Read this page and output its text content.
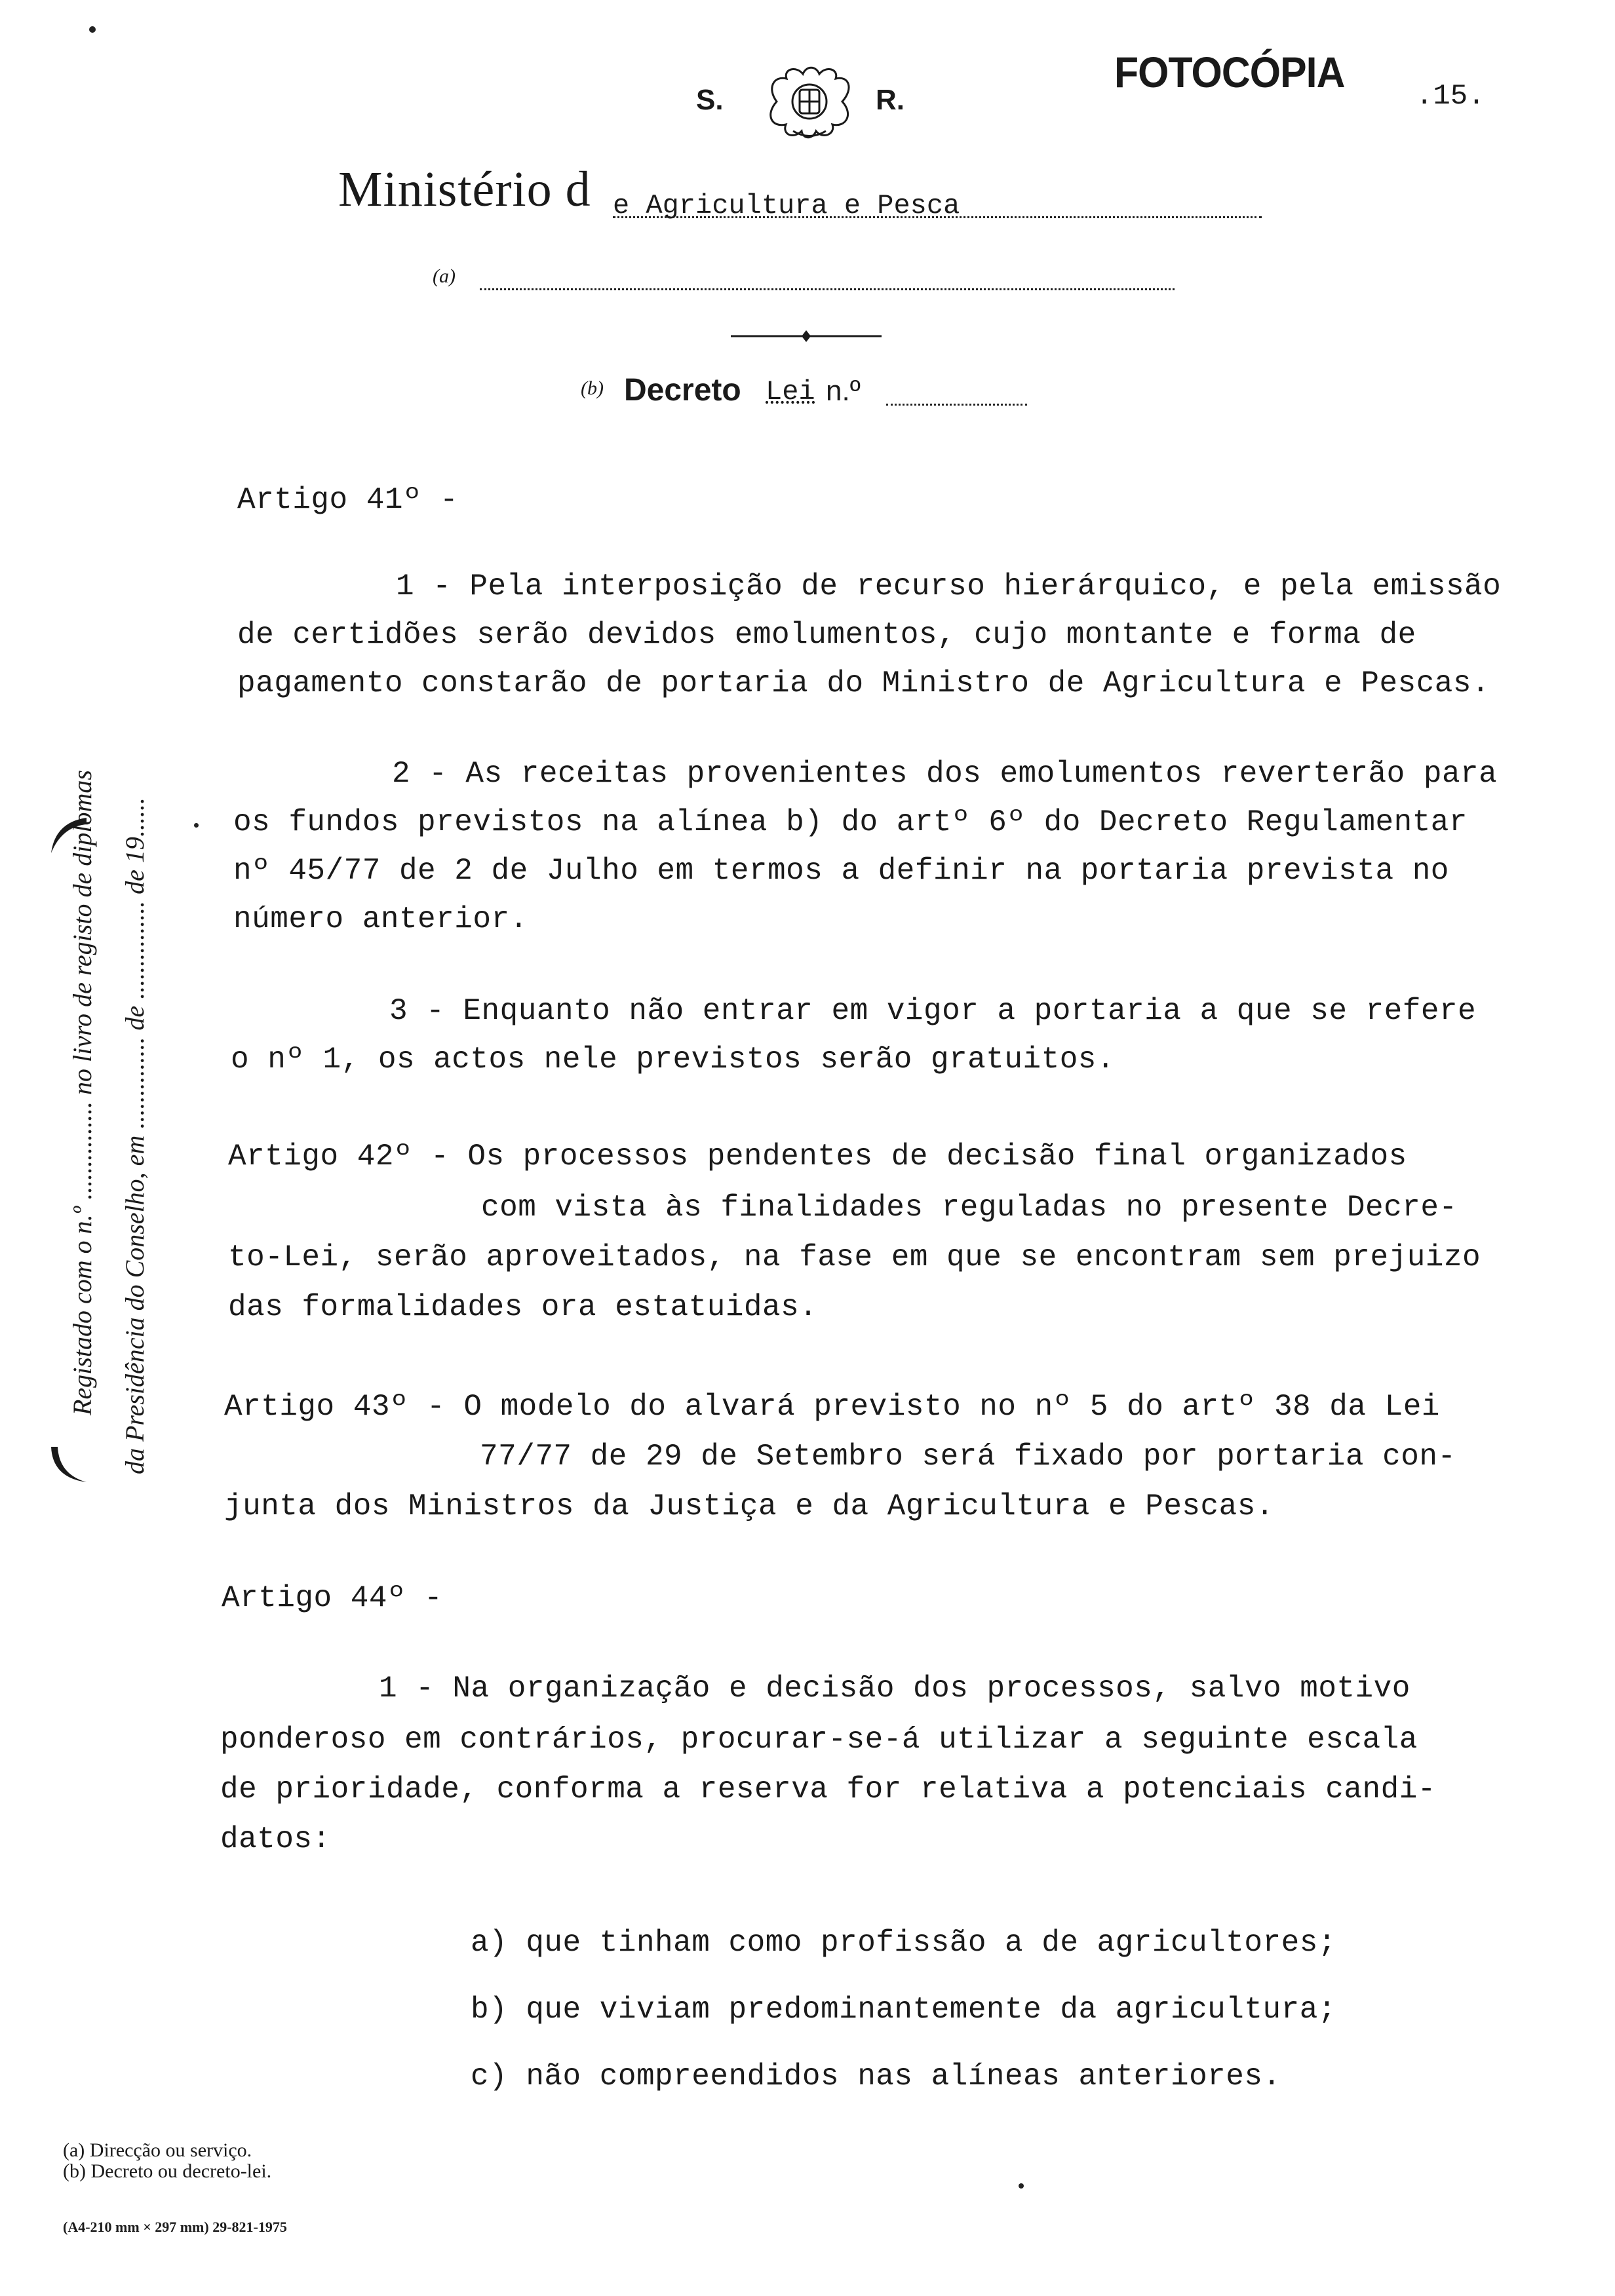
S.	R.
FOTOCÓPIA .15.
Ministério d e Agricultura e Pesca
(a)
(b) Decreto Lei n.º
Registado com o n.º ............... no livro de registo de diplomas da Presidência do Conselho, em .............. de ............... de 19......
Artigo 41º -
1 - Pela interposição de recurso hierárquico, e pela emissão
de certidões serão devidos emolumentos, cujo montante e forma de
pagamento constarão de portaria do Ministro de Agricultura e Pescas.
2 - As receitas provenientes dos emolumentos reverterão para
os fundos previstos na alínea b) do artº 6º do Decreto Regulamentar
nº 45/77 de 2 de Julho em termos a definir na portaria prevista no
número anterior.
3 - Enquanto não entrar em vigor a portaria a que se refere
o nº 1, os actos nele previstos serão gratuitos.
Artigo 42º - Os processos pendentes de decisão final organizados
com vista às finalidades reguladas no presente Decre-
to-Lei, serão aproveitados, na fase em que se encontram sem prejuizo
das formalidades ora estatuidas.
Artigo 43º - O modelo do alvará previsto no nº 5 do artº 38 da Lei
77/77 de 29 de Setembro será fixado por portaria con-
junta dos Ministros da Justiça e da Agricultura e Pescas.
Artigo 44º -
1 - Na organização e decisão dos processos, salvo motivo
ponderoso em contrários, procurar-se-á utilizar a seguinte escala
de prioridade, conforma a reserva for relativa a potenciais candi-
datos:
a) que tinham como profissão a de agricultores;
b) que viviam predominantemente da agricultura;
c) não compreendidos nas alíneas anteriores.
(a) Direcção ou serviço.
(b) Decreto ou decreto-lei.
(A4-210 mm × 297 mm) 29-821-1975
